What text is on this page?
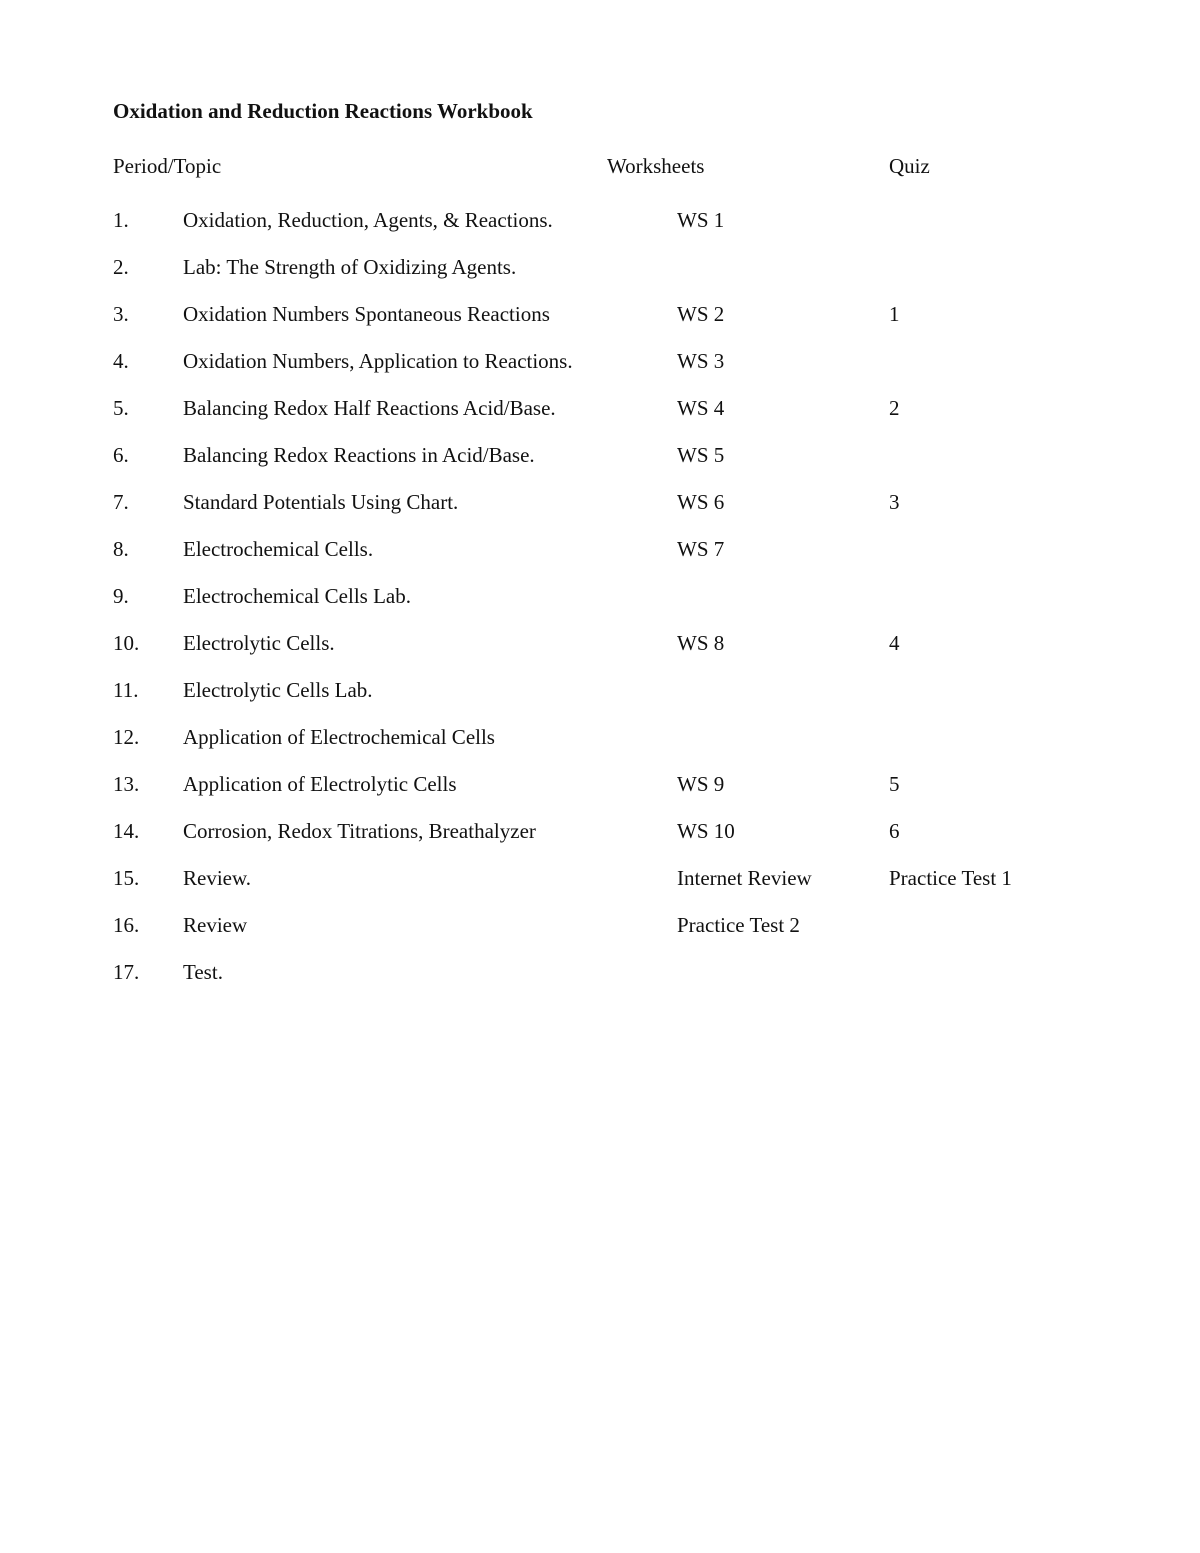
Oxidation and Reduction Reactions Workbook
Period/Topic	Worksheets	Quiz
1.	Oxidation, Reduction, Agents, & Reactions.	WS 1
2.	Lab: The Strength of Oxidizing Agents.
3.	Oxidation Numbers Spontaneous Reactions	WS 2	1
4.	Oxidation Numbers, Application to Reactions.	WS 3
5.	Balancing Redox Half Reactions Acid/Base.	WS 4	2
6.	Balancing Redox Reactions in Acid/Base.	WS 5
7.	Standard Potentials Using Chart.	WS 6	3
8.	Electrochemical Cells.	WS 7
9.	Electrochemical Cells Lab.
10. Electrolytic Cells.	WS 8	4
11. Electrolytic Cells Lab.
12. Application of Electrochemical Cells
13. Application of Electrolytic Cells	WS 9	5
14. Corrosion, Redox Titrations, Breathalyzer	WS 10	6
15. Review.	Internet Review	Practice Test 1
16. Review	Practice Test 2
17. Test.
